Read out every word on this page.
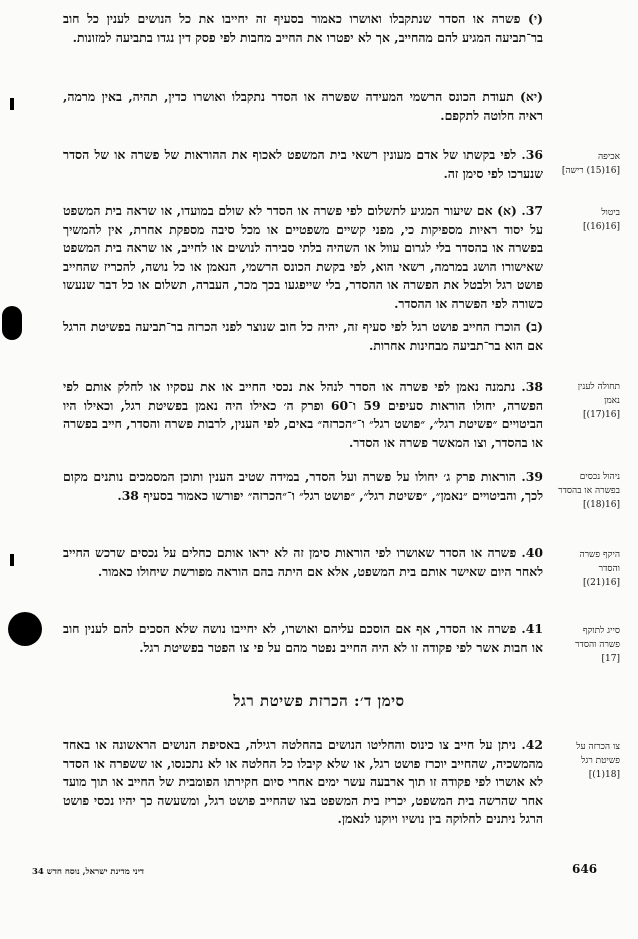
(י) פשרה או הסדר שנתקבלו ואושרו כאמור בסעיף זה יחייבו את כל הנושים לענין כל חוב בר־תביעה המגיע להם מהחייב, אך לא יפטרו את החייב מחבות לפי פסק דין נגדו בתביעה למזונות.
(יא) תעודת הכונס הרשמי המעידה שפשרה או הסדר נתקבלו ואושרו כדין, תהיה, באין מרמה, ראיה חלוטה לתקפם.
36. לפי בקשתו של אדם מעונין רשאי בית המשפט לאכוף את ההוראות של פשרה או של הסדר שנערכו לפי סימן זה.
37. (א) אם שיעור המגיע לתשלום לפי פשרה או הסדר לא שולם במועדו, או שראה בית המשפט על יסוד ראיות מספיקות כי, מפני קשיים משפטיים או מכל סיבה מספקת אחרת, אין להמשיך בפשרה או בהסדר בלי לגרום עוול או השהיה בלתי סבירה לנושים או לחייב, או שראה בית המשפט שאישורו הושג במרמה, רשאי הוא, לפי בקשת הכונס הרשמי, הנאמן או כל נושה, להכריז שהחייב פושט רגל ולבטל את הפשרה או ההסדר, בלי שייפגעו בכך מכר, העברה, תשלום או כל דבר שנעשו כשורה לפי הפשרה או ההסדר.
(ב) הוכרז החייב פושט רגל לפי סעיף זה, יהיה כל חוב שנוצר לפני הכרזה בר־תביעה בפשיטת הרגל אם הוא בר־תביעה מבחינות אחרות.
38. נתמנה נאמן לפי פשרה או הסדר לנהל את נכסי החייב או את עסקיו או לחלק אותם לפי הפשרה, יחולו הוראות סעיפים 59 ו־60 ופרק ה׳ כאילו היה נאמן בפשיטת רגל, וכאילו היו הביטויים ״פשיטת רגל״, ״פושט רגל״ ו־״הכרזה״ באים, לפי הענין, לרבות פשרה והסדר, חייב בפשרה או בהסדר, וצו המאשר פשרה או הסדר.
39. הוראות פרק ג׳ יחולו על פשרה ועל הסדר, במידה שטיב הענין ותוכן המסמכים נותנים מקום לכך, והביטויים ״נאמן״, ״פשיטת רגל״, ״פושט רגל״ ו־״הכרזה״ יפורשו כאמור בסעיף 38.
40. פשרה או הסדר שאושרו לפי הוראות סימן זה לא יראו אותם כחלים על נכסים שרכש החייב לאחר היום שאישר אותם בית המשפט, אלא אם היתה בהם הוראה מפורשת שיחולו כאמור.
41. פשרה או הסדר, אף אם הוסכם עליהם ואושרו, לא יחייבו נושה שלא הסכים להם לענין חוב או חבות אשר לפי פקודה זו לא היה החייב נפטר מהם על פי צו הפטר בפשיטת רגל.
42. ניתן על חייב צו כינוס והחליטו הנושים בהחלטה רגילה, באסיפת הנושים הראשונה או באחד מהמשכיה, שהחייב יוכרז פושט רגל, או שלא קיבלו כל החלטה או לא נתכנסו, או ששפרה או הסדר לא אושרו לפי פקודה זו תוך ארבעה עשר ימים אחרי סיום חקירתו הפומבית של החייב או תוך מועד אחר שהרשה בית המשפט, יכריז בית המשפט בצו שהחייב פושט רגל, ומשעשה כך יהיו נכסי פושט הרגל ניתנים לחלוקה בין נושיו ויוקנו לנאמן.
סימן ד׳: הכרזת פשיטת רגל
אכיפה
[16(15) רישה]
ביטול
[16(16)]
תחולה לענין
נאמן
[16(17)]
ניהול נכסים
בפשרה או בהסדר
[16(18)]
היקף פשרה
והסדר
[16(21)]
סייג לתוקף
פשרה והסדר
[17]
צו הכרזה על
פשיטת רגל
[18(1)]
דיני מדינת ישראל, נוסח חדש 34	646
